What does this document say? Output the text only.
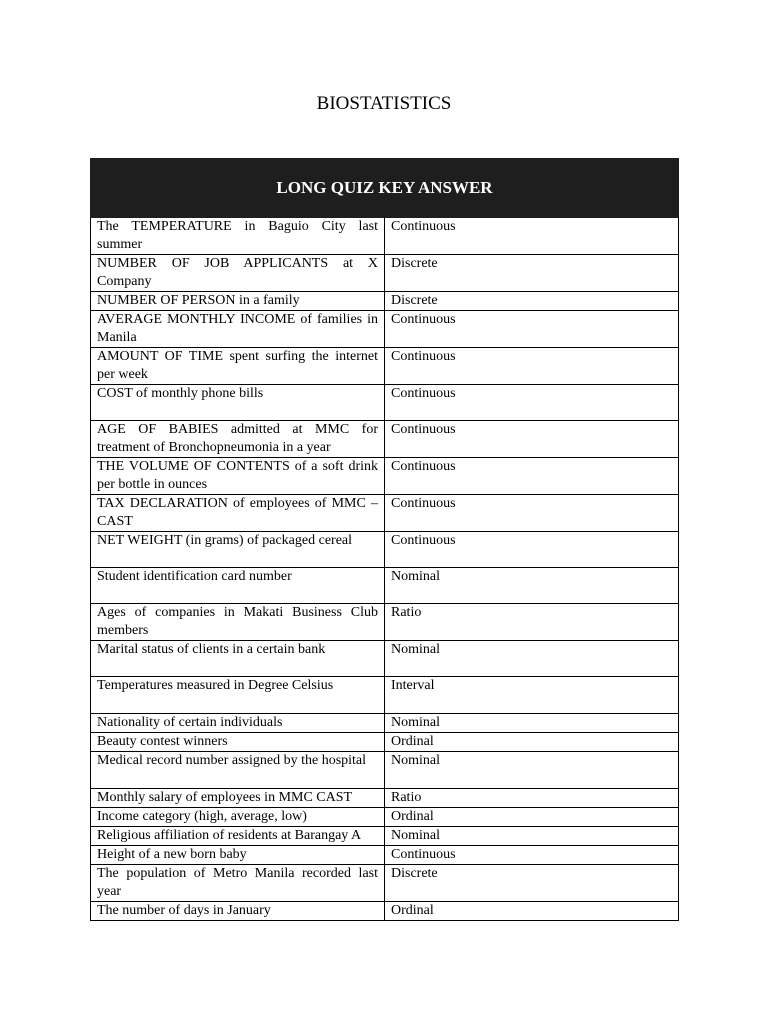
BIOSTATISTICS
LONG QUIZ KEY ANSWER	
The TEMPERATURE in Baguio City last summer	Continuous
NUMBER OF JOB APPLICANTS at X Company	Discrete
NUMBER OF PERSON in a family	Discrete
AVERAGE MONTHLY INCOME of families in Manila	Continuous
AMOUNT OF TIME spent surfing the internet per week	Continuous
COST of monthly phone bills	Continuous
AGE OF BABIES admitted at MMC for treatment of Bronchopneumonia in a year	Continuous
THE VOLUME OF CONTENTS of a soft drink per bottle in ounces	Continuous
TAX DECLARATION of employees of MMC – CAST	Continuous
NET WEIGHT (in grams) of packaged cereal	Continuous
Student identification card number	Nominal
Ages of companies in Makati Business Club members	Ratio
Marital status of clients in a certain bank	Nominal
Temperatures measured in Degree Celsius	Interval
Nationality of certain individuals	Nominal
Beauty contest winners	Ordinal
Medical record number assigned by the hospital	Nominal
Monthly salary of employees in MMC CAST	Ratio
Income category (high, average, low)	Ordinal
Religious affiliation of residents at Barangay A	Nominal
Height of a new born baby	Continuous
The population of Metro Manila recorded last year	Discrete
The number of days in January	Ordinal
